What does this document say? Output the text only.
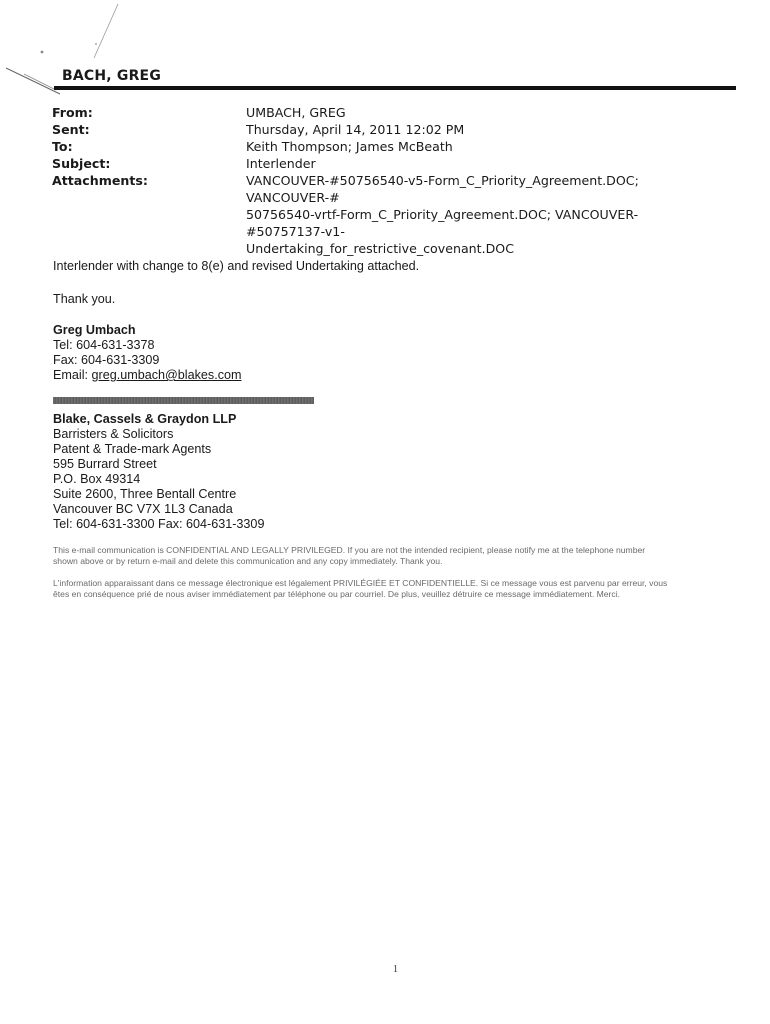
BACH, GREG
From:	UMBACH, GREG
Sent:	Thursday, April 14, 2011 12:02 PM
To:	Keith Thompson; James McBeath
Subject:	Interlender
Attachments:	VANCOUVER-#50756540-v5-Form_C_Priority_Agreement.DOC; VANCOUVER-#
50756540-vrtf-Form_C_Priority_Agreement.DOC; VANCOUVER-#50757137-v1-
Undertaking_for_restrictive_covenant.DOC
Interlender with change to 8(e) and revised Undertaking attached.
Thank you.
Greg Umbach
Tel: 604-631-3378
Fax: 604-631-3309
Email: greg.umbach@blakes.com
Blake, Cassels & Graydon LLP
Barristers & Solicitors
Patent & Trade-mark Agents
595 Burrard Street
P.O. Box 49314
Suite 2600, Three Bentall Centre
Vancouver BC V7X 1L3 Canada
Tel: 604-631-3300 Fax: 604-631-3309
This e-mail communication is CONFIDENTIAL AND LEGALLY PRIVILEGED. If you are not the intended recipient, please notify me at the telephone number
shown above or by return e-mail and delete this communication and any copy immediately. Thank you.
L'information apparaissant dans ce message électronique est légalement PRIVILÉGIÉE ET CONFIDENTIELLE. Si ce message vous est parvenu par erreur, vous
êtes en conséquence prié de nous aviser immédiatement par téléphone ou par courriel. De plus, veuillez détruire ce message immédiatement. Merci.
1
